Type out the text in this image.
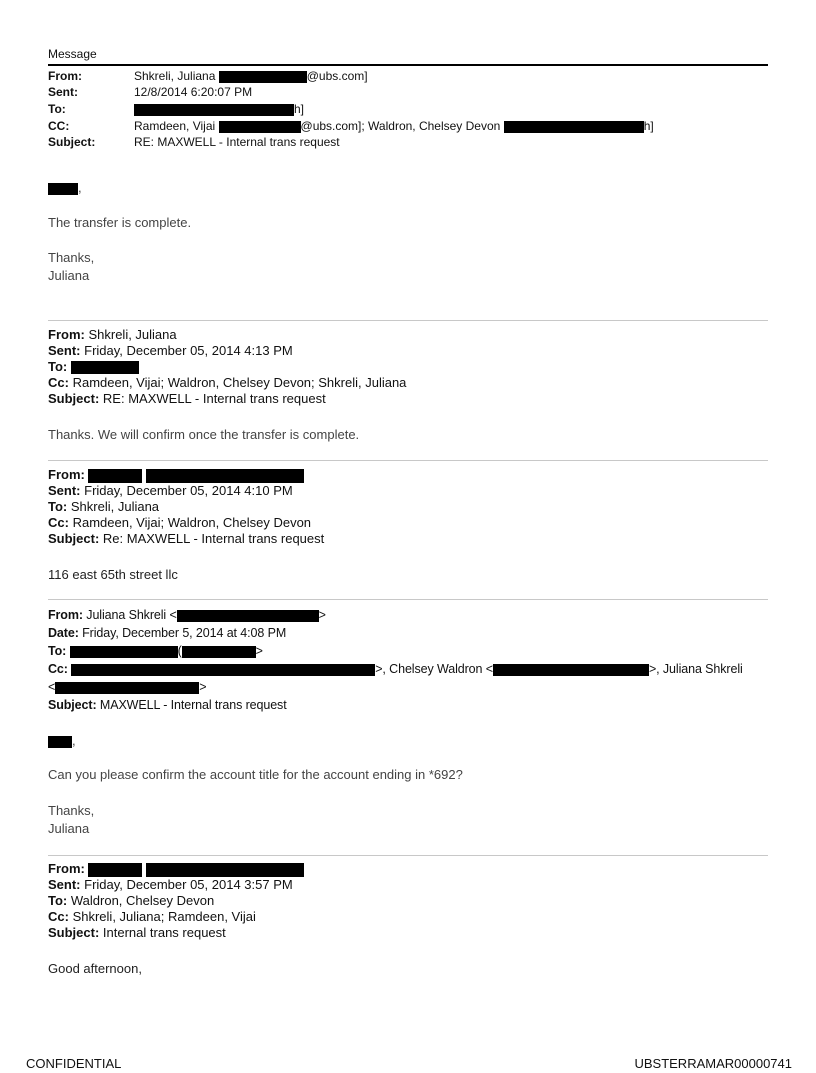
Message
From:	Shkreli, Juliana	@ubs.com]
Sent:	12/8/2014 6:20:07 PM
To:	h]
CC:	Ramdeen, Vijai	@ubs.com]; Waldron, Chelsey Devon	h]
Subject:	RE: MAXWELL - Internal trans request
,
The transfer is complete.
Thanks,
Juliana
From: Shkreli, Juliana
Sent: Friday, December 05, 2014 4:13 PM
To:
Cc: Ramdeen, Vijai; Waldron, Chelsey Devon; Shkreli, Juliana
Subject: RE: MAXWELL - Internal trans request
Thanks. We will confirm once the transfer is complete.
From:
Sent: Friday, December 05, 2014 4:10 PM
To: Shkreli, Juliana
Cc: Ramdeen, Vijai; Waldron, Chelsey Devon
Subject: Re: MAXWELL - Internal trans request
116 east 65th street llc
From: Juliana Shkreli <	>
Date: Friday, December 5, 2014 at 4:08 PM
To:	(	>
Cc:	>, Chelsey Waldron <	>, Juliana Shkreli
<	>
Subject: MAXWELL - Internal trans request
,
Can you please confirm the account title for the account ending in *692?
Thanks,
Juliana
From:
Sent: Friday, December 05, 2014 3:57 PM
To: Waldron, Chelsey Devon
Cc: Shkreli, Juliana; Ramdeen, Vijai
Subject: Internal trans request
Good afternoon,
CONFIDENTIAL	UBSTERRAMAR00000741
